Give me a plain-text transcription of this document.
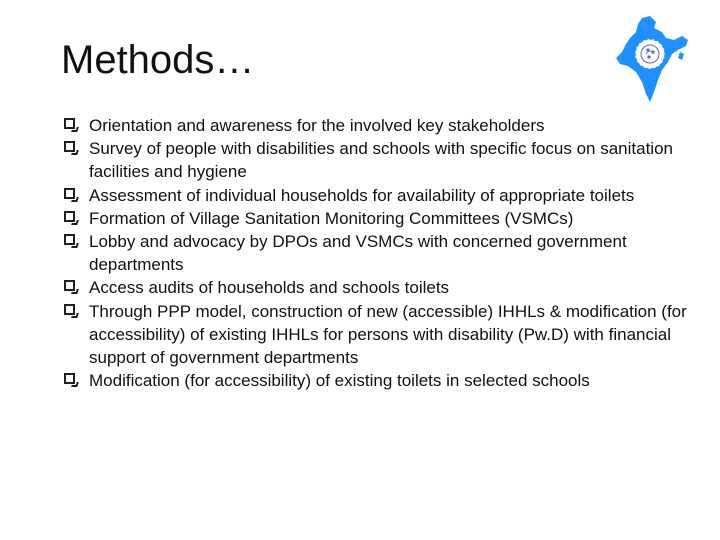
Methods…
Orientation and awareness for the involved key stakeholders
Survey of people with disabilities and schools with specific focus on sanitation facilities and hygiene
Assessment of individual households for availability of appropriate toilets
Formation of Village Sanitation Monitoring Committees (VSMCs)
Lobby and advocacy by DPOs and VSMCs with concerned government departments
Access audits of households and schools toilets
Through PPP model, construction of new (accessible) IHHLs & modification (for accessibility) of existing IHHLs for persons with disability (Pw.D) with financial support of government departments
Modification (for accessibility) of existing toilets in selected schools
